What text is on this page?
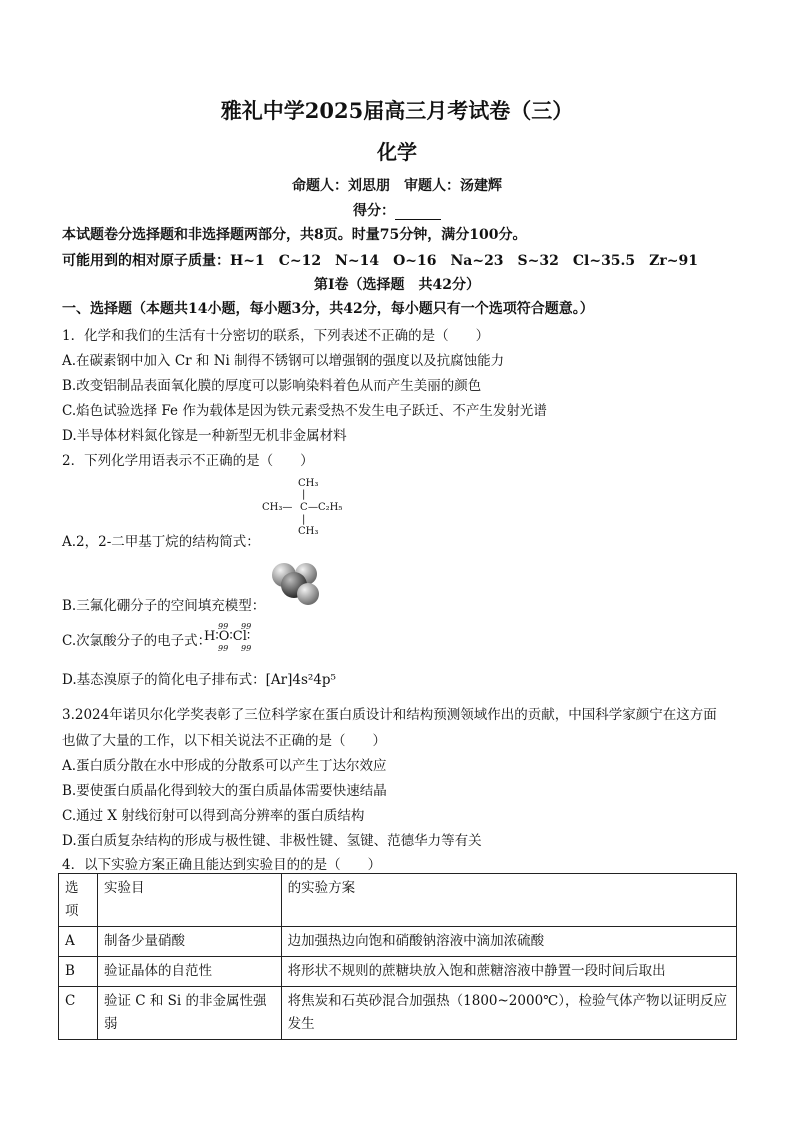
雅礼中学2025届高三月考试卷（三）
化学
命题人：刘思朋　审题人：汤建辉
得分：
本试题卷分选择题和非选择题两部分，共8页。时量75分钟，满分100分。
可能用到的相对原子质量：H~1　C~12　N~14　O~16　Na~23　S~32　Cl~35.5　Zr~91
第Ⅰ卷（选择题　共42分）
一、选择题（本题共14小题，每小题3分，共42分，每小题只有一个选项符合题意。）
1．化学和我们的生活有十分密切的联系，下列表述不正确的是（　　）
A.在碳素钢中加入 Cr 和 Ni 制得不锈钢可以增强钢的强度以及抗腐蚀能力
B.改变铝制品表面氧化膜的厚度可以影响染料着色从而产生美丽的颜色
C.焰色试验选择 Fe 作为载体是因为铁元素受热不发生电子跃迁、不产生发射光谱
D.半导体材料氮化镓是一种新型无机非金属材料
2．下列化学用语表示不正确的是（　　）
CH₃
|
CH₃— C —C₂H₅
|
CH₃
A.2，2-二甲基丁烷的结构简式：
B.三氟化硼分子的空间填充模型：
C.次氯酸分子的电子式：
99 99
H∶O∶Cl∶
99 99
D.基态溴原子的简化电子排布式：[Ar]4s²4p⁵
3.2024年诺贝尔化学奖表彰了三位科学家在蛋白质设计和结构预测领域作出的贡献，中国科学家颜宁在这方面
也做了大量的工作，以下相关说法不正确的是（　　）
A.蛋白质分散在水中形成的分散系可以产生丁达尔效应
B.要使蛋白质晶化得到较大的蛋白质晶体需要快速结晶
C.通过 X 射线衍射可以得到高分辨率的蛋白质结构
D.蛋白质复杂结构的形成与极性键、非极性键、氢键、范德华力等有关
4．以下实验方案正确且能达到实验目的的是（　　）
选项	实验目	的实验方案
A	制备少量硝酸	边加强热边向饱和硝酸钠溶液中滴加浓硫酸
B	验证晶体的自范性	将形状不规则的蔗糖块放入饱和蔗糖溶液中静置一段时间后取出
C	验证 C 和 Si 的非金属性强弱	将焦炭和石英砂混合加强热（1800~2000℃），检验气体产物以证明反应发生
